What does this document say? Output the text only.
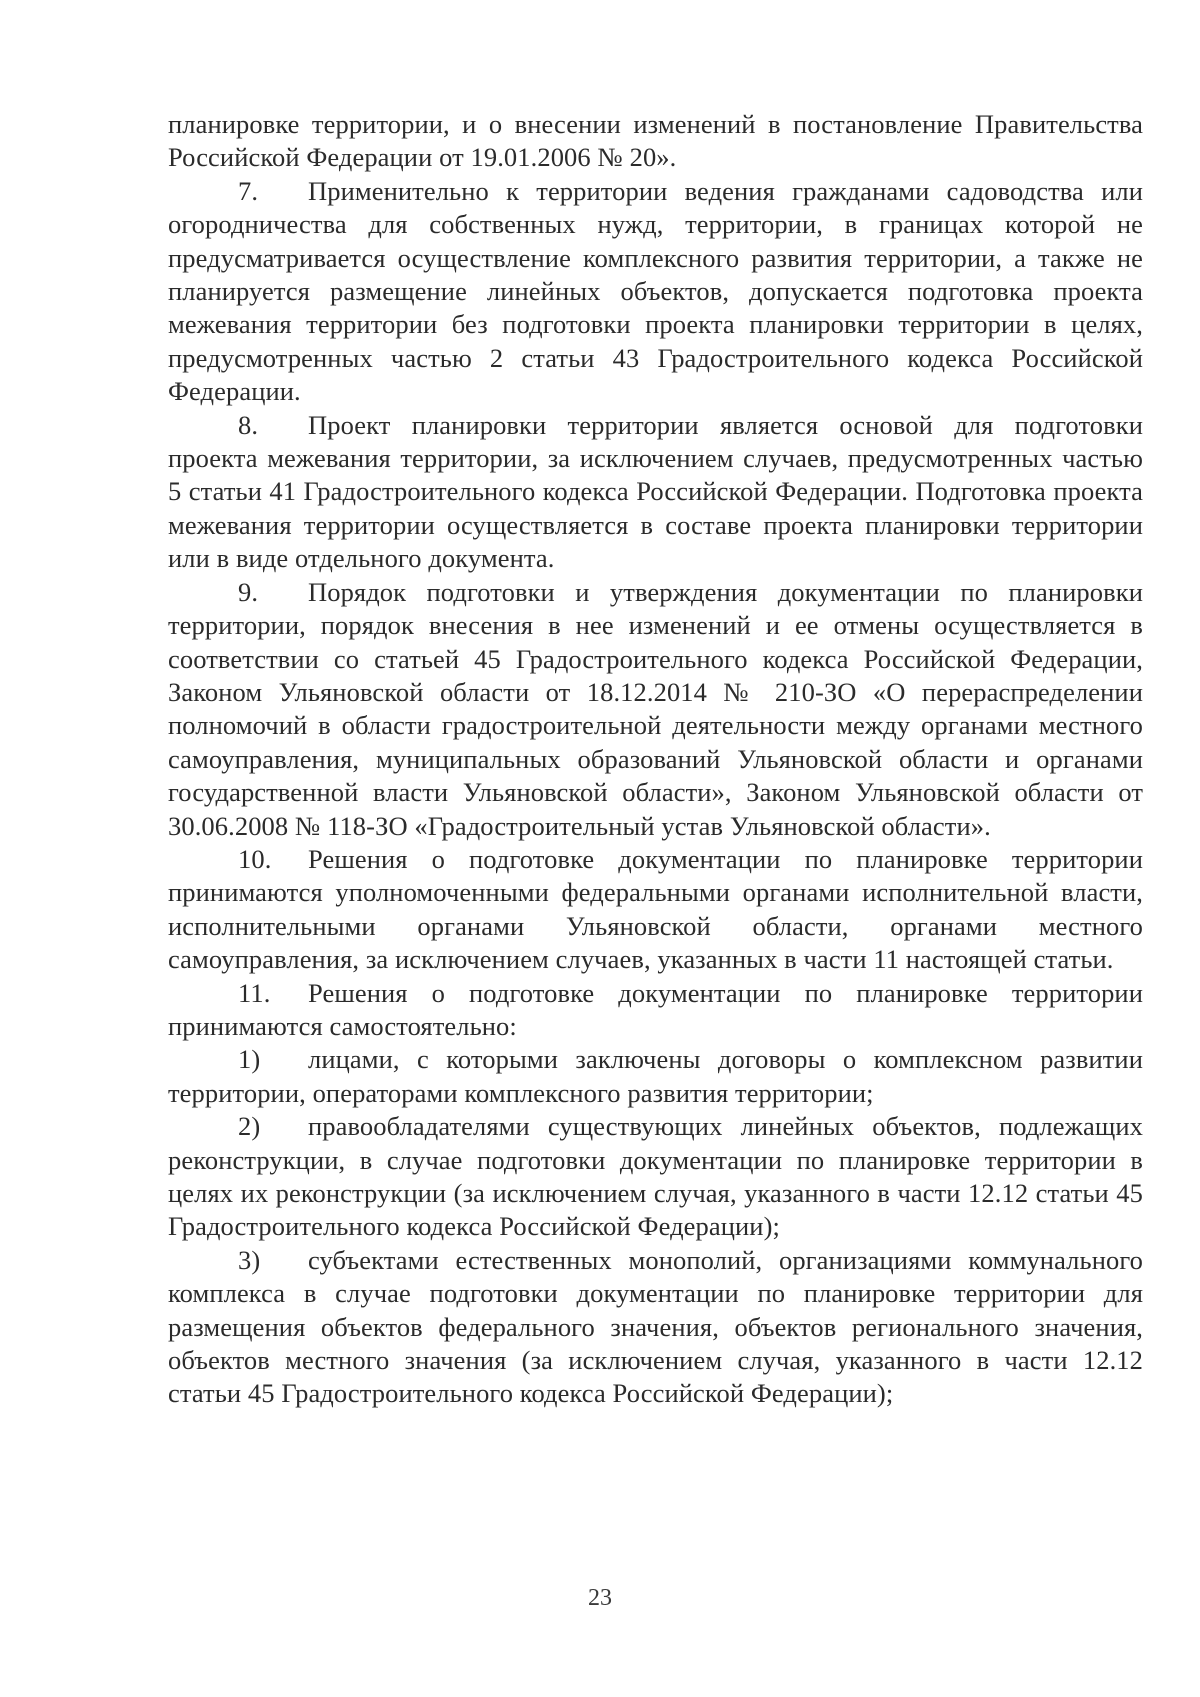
планировке территории, и о внесении изменений в постановление Правительства Российской Федерации от 19.01.2006 № 20».

7. Применительно к территории ведения гражданами садоводства или огородничества для собственных нужд, территории, в границах которой не предусматривается осуществление комплексного развития территории, а также не планируется размещение линейных объектов, допускается подготовка проекта межевания территории без подготовки проекта планировки территории в целях, предусмотренных частью 2 статьи 43 Градостроительного кодекса Российской Федерации.

8. Проект планировки территории является основой для подготовки проекта межевания территории, за исключением случаев, предусмотренных частью 5 статьи 41 Градостроительного кодекса Российской Федерации. Подготовка проекта межевания территории осуществляется в составе проекта планировки территории или в виде отдельного документа.

9. Порядок подготовки и утверждения документации по планировки территории, порядок внесения в нее изменений и ее отмены осуществляется в соответствии со статьей 45 Градостроительного кодекса Российской Федерации, Законом Ульяновской области от 18.12.2014 № 210-ЗО «О перераспределении полномочий в области градостроительной деятельности между органами местного самоуправления, муниципальных образований Ульяновской области и органами государственной власти Ульяновской области», Законом Ульяновской области от 30.06.2008 № 118-ЗО «Градостроительный устав Ульяновской области».

10. Решения о подготовке документации по планировке территории принимаются уполномоченными федеральными органами исполнительной власти, исполнительными органами Ульяновской области, органами местного самоуправления, за исключением случаев, указанных в части 11 настоящей статьи.

11. Решения о подготовке документации по планировке территории принимаются самостоятельно:

1) лицами, с которыми заключены договоры о комплексном развитии территории, операторами комплексного развития территории;

2) правообладателями существующих линейных объектов, подлежащих реконструкции, в случае подготовки документации по планировке территории в целях их реконструкции (за исключением случая, указанного в части 12.12 статьи 45 Градостроительного кодекса Российской Федерации);

3) субъектами естественных монополий, организациями коммунального комплекса в случае подготовки документации по планировке территории для размещения объектов федерального значения, объектов регионального значения, объектов местного значения (за исключением случая, указанного в части 12.12 статьи 45 Градостроительного кодекса Российской Федерации);

23
